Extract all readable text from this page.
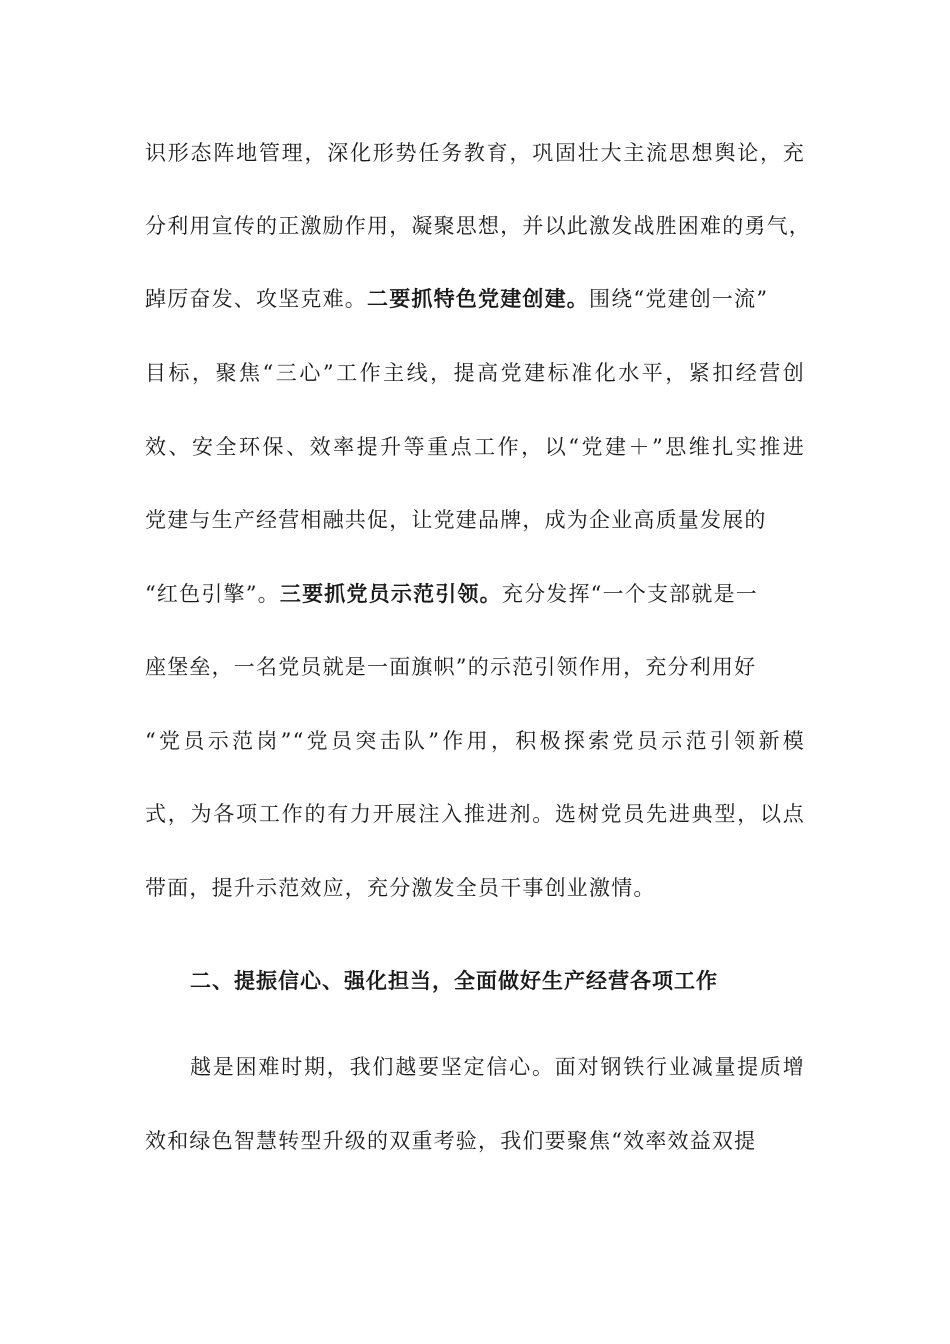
识形态阵地管理，深化形势任务教育，巩固壮大主流思想舆论，充
分利用宣传的正激励作用，凝聚思想，并以此激发战胜困难的勇气，
踔厉奋发、攻坚克难。二要抓特色党建创建。围绕“党建创一流”
目标，聚焦“三心”工作主线，提高党建标准化水平，紧扣经营创
效、安全环保、效率提升等重点工作，以“党建＋”思维扎实推进
党建与生产经营相融共促，让党建品牌，成为企业高质量发展的
“红色引擎”。三要抓党员示范引领。充分发挥“一个支部就是一
座堡垒，一名党员就是一面旗帜”的示范引领作用，充分利用好
“党员示范岗”“党员突击队”作用，积极探索党员示范引领新模
式，为各项工作的有力开展注入推进剂。选树党员先进典型，以点
带面，提升示范效应，充分激发全员干事创业激情。
二、提振信心、强化担当，全面做好生产经营各项工作
越是困难时期，我们越要坚定信心。面对钢铁行业减量提质增
效和绿色智慧转型升级的双重考验，我们要聚焦“效率效益双提
